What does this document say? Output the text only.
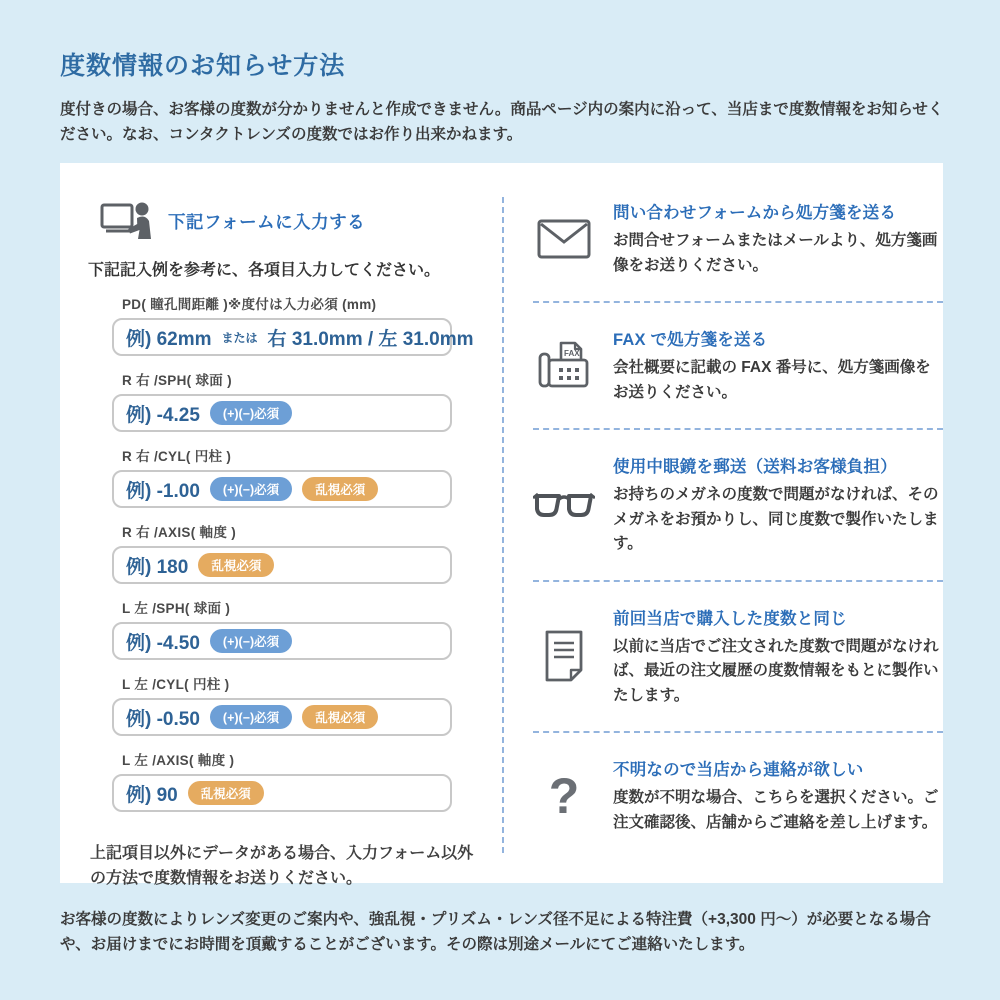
度数情報のお知らせ方法

度付きの場合、お客様の度数が分かりませんと作成できません。商品ページ内の案内に沿って、当店まで度数情報をお知らせください。なお、コンタクトレンズの度数ではお作り出来かねます。

下記フォームに入力する

下記記入例を参考に、各項目入力してください。

PD( 瞳孔間距離 )※度付は入力必須 (mm)
例) 62mm または 右 31.0mm / 左 31.0mm
R 右 /SPH( 球面 )
例) -4.25	(+)(−)必須
R 右 /CYL( 円柱 )
例) -1.00	(+)(−)必須	乱視必須
R 右 /AXIS( 軸度 )
例) 180	乱視必須
L 左 /SPH( 球面 )
例) -4.50	(+)(−)必須
L 左 /CYL( 円柱 )
例) -0.50	(+)(−)必須	乱視必須
L 左 /AXIS( 軸度 )
例) 90	乱視必須

上記項目以外にデータがある場合、入力フォーム以外の方法で度数情報をお送りください。

問い合わせフォームから処方箋を送る

お問合せフォームまたはメールより、処方箋画像をお送りください。

FAX
FAX で処方箋を送る

会社概要に記載の FAX 番号に、処方箋画像をお送りください。

使用中眼鏡を郵送（送料お客様負担）

お持ちのメガネの度数で問題がなければ、そのメガネをお預かりし、同じ度数で製作いたします。

前回当店で購入した度数と同じ

以前に当店でご注文された度数で問題がなければ、最近の注文履歴の度数情報をもとに製作いたします。

? 不明なので当店から連絡が欲しい

度数が不明な場合、こちらを選択ください。ご注文確認後、店舗からご連絡を差し上げます。

お客様の度数によりレンズ変更のご案内や、強乱視・プリズム・レンズ径不足による特注費（+3,300 円～）が必要となる場合や、お届けまでにお時間を頂戴することがございます。その際は別途メールにてご連絡いたします。
